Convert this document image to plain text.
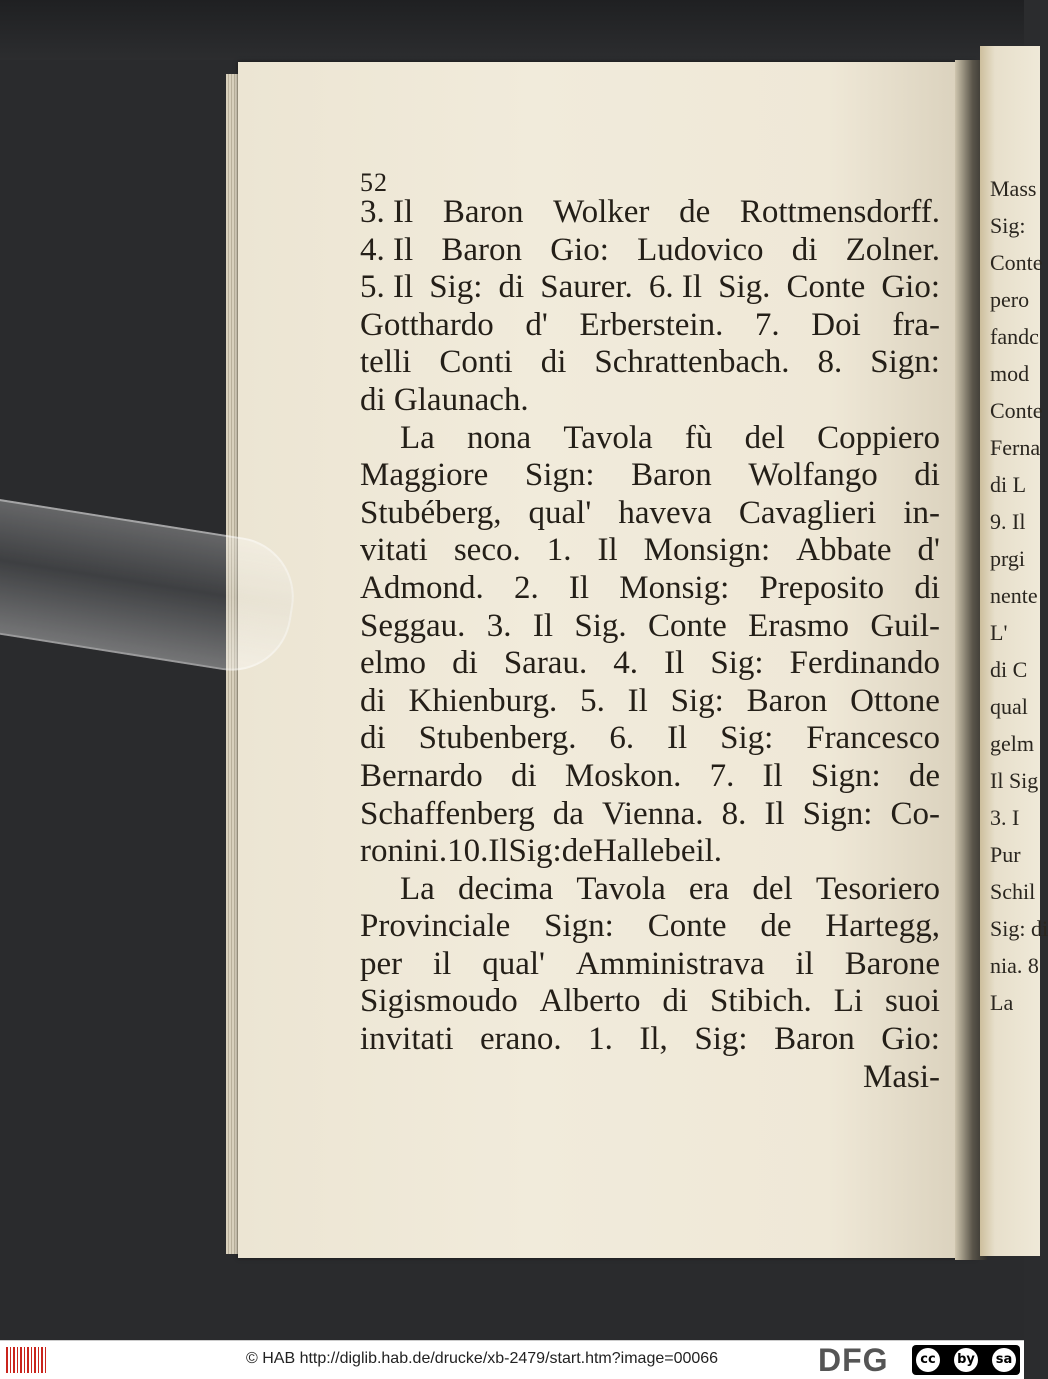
Mass
Sig:
Conte
pero
fandc
mod
Conte
Ferna
di L
9. Il
prgi
nente
L'
di C
qual
gelm
Il Sig
3. I
Pur
Schil
Sig: di
nia. 8
La
52
3. Il Baron Wolker de Rottmensdorff.
4. Il Baron Gio: Ludovico di Zolner.
5. Il Sig: di Saurer. 6. Il Sig. Conte Gio:
Gotthardo d' Erberstein. 7. Doi fra-
telli Conti di Schrattenbach. 8. Sign:
di Glaunach.
La nona Tavola fù del Coppiero
Maggiore Sign: Baron Wolfango di
Stubéberg, qual' haveva Cavaglieri in-
vitati seco. 1. Il Monsign: Abbate d'
Admond. 2. Il Monsig: Preposito di
Seggau. 3. Il Sig. Conte Erasmo Guil-
elmo di Sarau. 4. Il Sig: Ferdinando
di Khienburg. 5. Il Sig: Baron Ottone
di Stubenberg. 6. Il Sig: Francesco
Bernardo di Moskon. 7. Il Sign: de
Schaffenberg da Vienna. 8. Il Sign: Co-
ronini. 10. Il Sig: de Hallebeil.
La decima Tavola era del Tesoriero
Provinciale Sign: Conte de Hartegg,
per il qual' Amministrava il Barone
Sigismoudo Alberto di Stibich. Li suoi
invitati erano. 1. Il, Sig: Baron Gio:
Masi-
© HAB http://diglib.hab.de/drucke/xb-2479/start.htm?image=00066	DFG	cc	by sa
